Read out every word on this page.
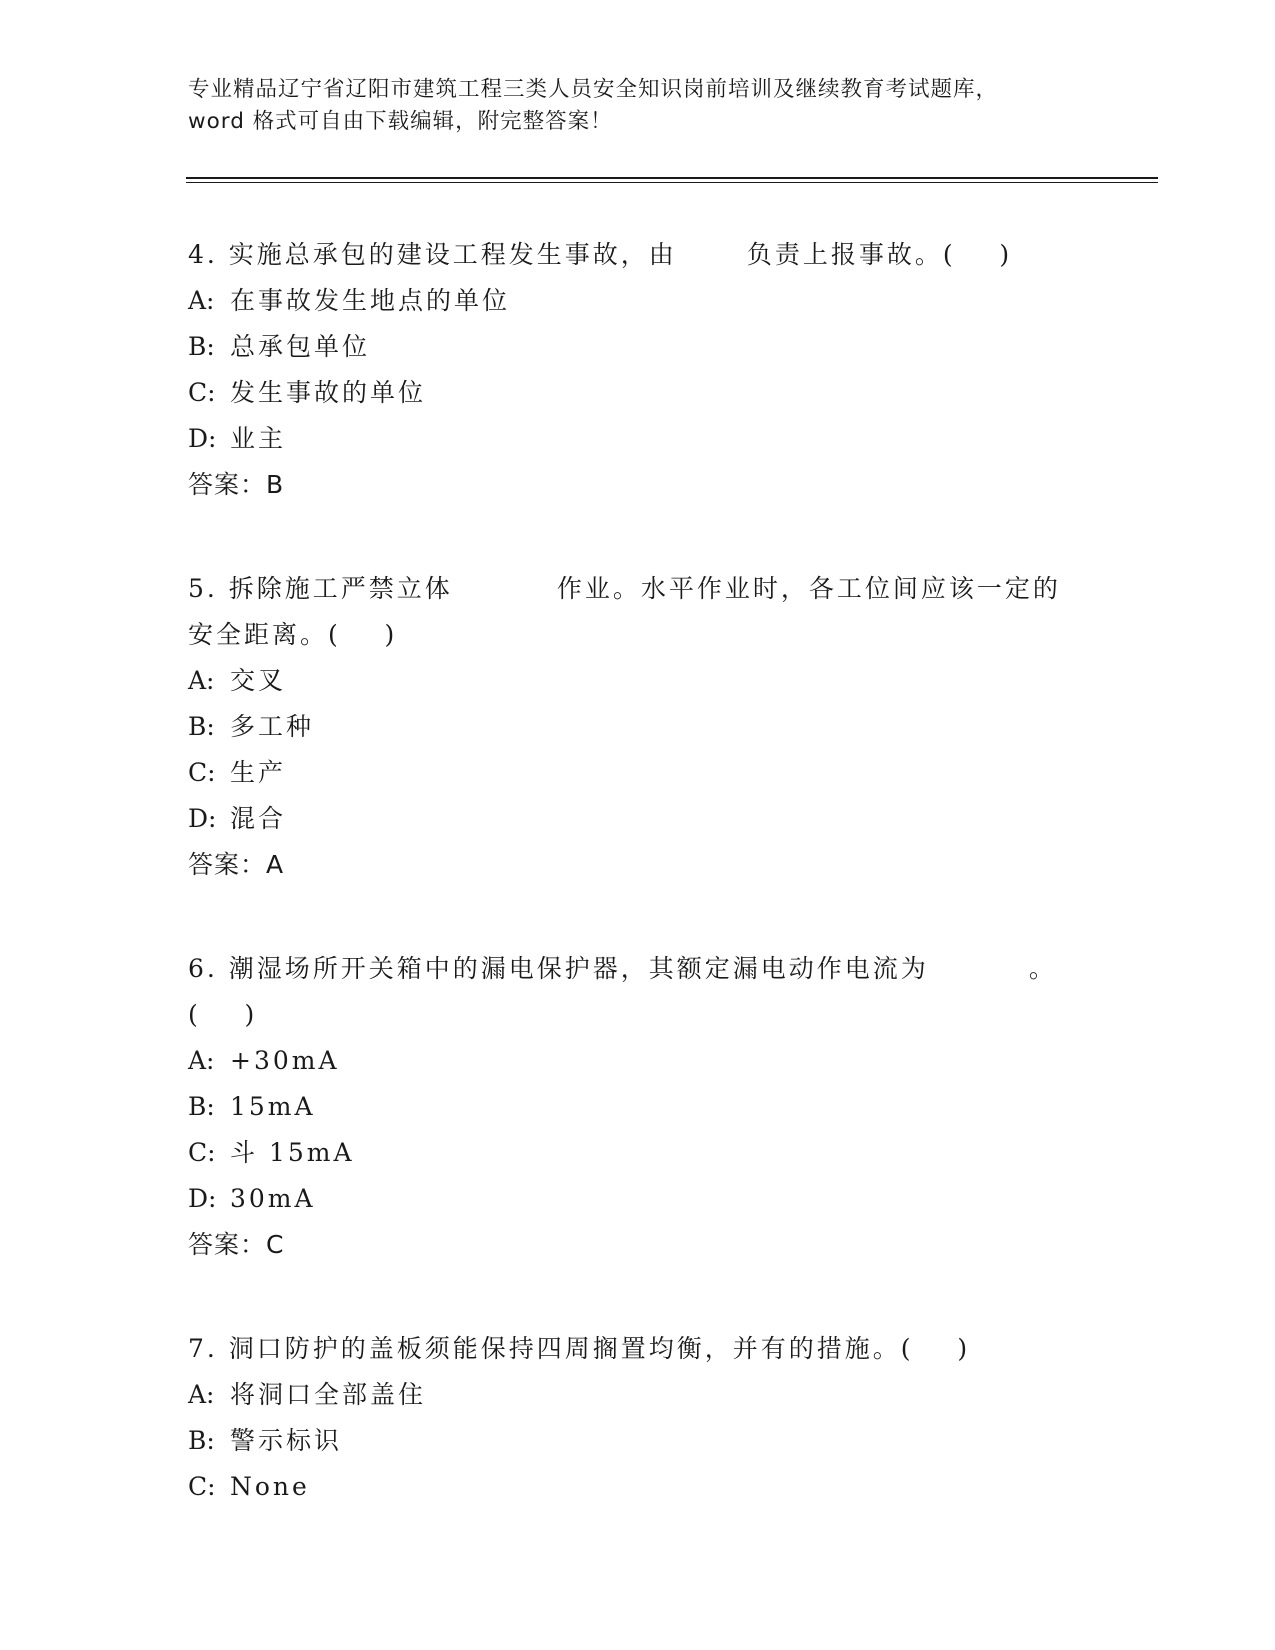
专业精品辽宁省辽阳市建筑工程三类人员安全知识岗前培训及继续教育考试题库，
word 格式可自由下载编辑，附完整答案！
4. 实施总承包的建设工程发生事故，由	负责上报事故。(    )
A: 在事故发生地点的单位
B: 总承包单位
C: 发生事故的单位
D: 业主
答案：B
5. 拆除施工严禁立体	作业。水平作业时，各工位间应该一定的
安全距离。(    )
A: 交叉
B: 多工种
C: 生产
D: 混合
答案：A
6. 潮湿场所开关箱中的漏电保护器，其额定漏电动作电流为	。
(    )
A: +30mA
B: 15mA
C: 斗 15mA
D: 30mA
答案：C
7. 洞口防护的盖板须能保持四周搁置均衡，并有的措施。(    )
A: 将洞口全部盖住
B: 警示标识
C: None
